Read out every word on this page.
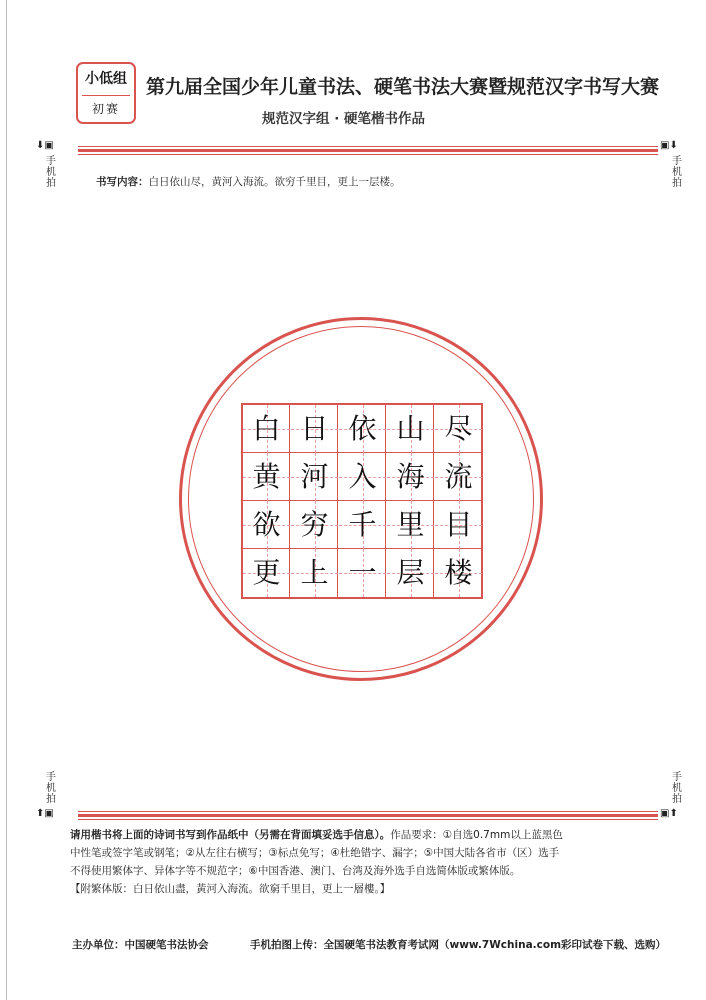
小低组
初赛
第九届全国少年儿童书法、硬笔书法大赛暨规范汉字书写大赛
规范汉字组 · 硬笔楷书作品
⬇▣
手机拍
▣⬇
手机拍
书写内容：白日依山尽，黄河入海流。欲穷千里目，更上一层楼。
白 日 依 山 尽
黄 河 入 海 流
欲 穷 千 里 目
更 上 一 层 楼
手机拍
⬆▣
手机拍
▣⬆
请用楷书将上面的诗词书写到作品纸中（另需在背面填妥选手信息）。作品要求：①自选0.7mm以上蓝黑色
中性笔或签字笔或钢笔；②从左往右横写；③标点免写；④杜绝错字、漏字；⑤中国大陆各省市（区）选手
不得使用繁体字、异体字等不规范字；⑥中国香港、澳门、台湾及海外选手自选简体版或繁体版。
【附繁体版：白日依山盡，黃河入海流。欲窮千里目，更上一層樓。】
主办单位：中国硬笔书法协会	手机拍图上传：全国硬笔书法教育考试网（www.7Wchina.com彩印试卷下载、选购）
